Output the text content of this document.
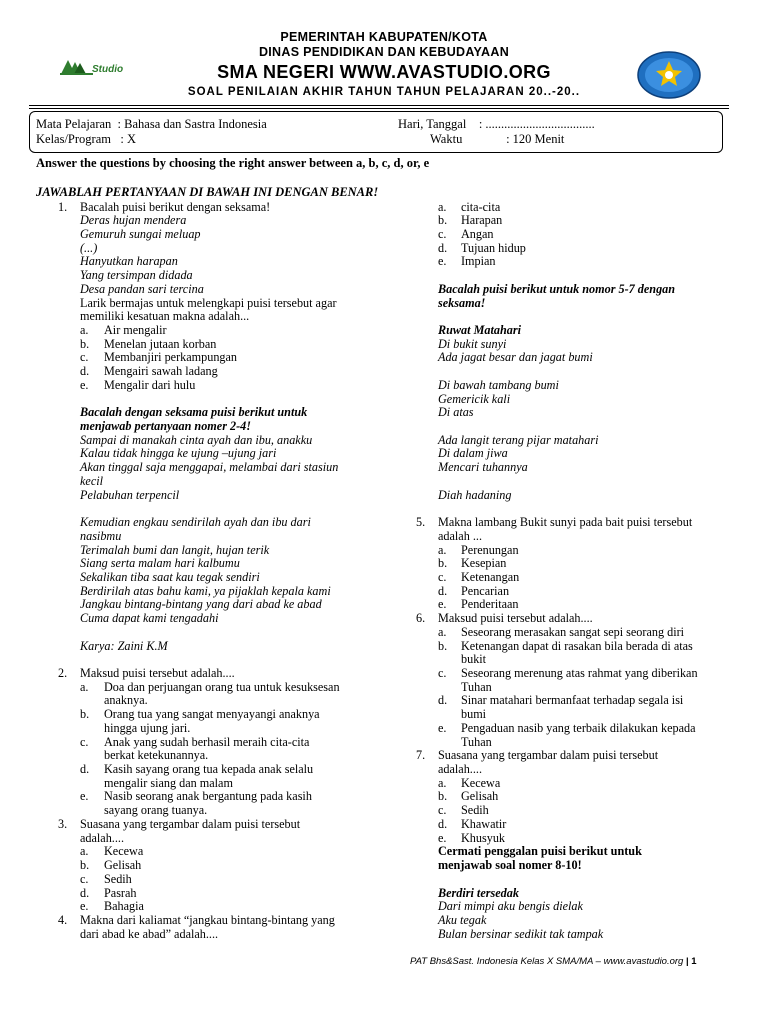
PEMERINTAH KABUPATEN/KOTA
DINAS PENDIDIKAN DAN KEBUDAYAAN
SMA NEGERI WWW.AVASTUDIO.ORG
SOAL PENILAIAN AKHIR TAHUN TAHUN PELAJARAN 20..-20..
Studio
Mata Pelajaran  : Bahasa dan Sastra Indonesia
Kelas/Program   : X
Hari, Tanggal    : ...................................
Waktu              : 120 Menit
Answer the questions by choosing the right answer between a, b, c, d, or, e
JAWABLAH PERTANYAAN DI BAWAH INI DENGAN BENAR!
1. Bacalah puisi berikut dengan seksama!
Deras hujan mendera
Gemuruh sungai meluap
(...)
Hanyutkan harapan
Yang tersimpan didada
Desa pandan sari tercina
Larik bermajas untuk melengkapi puisi tersebut agar
memiliki kesatuan makna adalah...
a. Air mengalir
b. Menelan jutaan korban
c. Membanjiri perkampungan
d. Mengairi sawah ladang
e. Mengalir dari hulu
Bacalah dengan seksama puisi berikut untuk
menjawab pertanyaan nomer 2-4!
Sampai di manakah cinta ayah dan ibu, anakku
Kalau tidak hingga ke ujung –ujung jari
Akan tinggal saja menggapai, melambai dari stasiun
kecil
Pelabuhan terpencil
Kemudian engkau sendirilah ayah dan ibu dari
nasibmu
Terimalah bumi dan langit, hujan terik
Siang serta malam hari kalbumu
Sekalikan tiba saat kau tegak sendiri
Berdirilah atas bahu kami, ya pijaklah kepala kami
Jangkau bintang-bintang yang dari abad ke abad
Cuma dapat kami tengadahi
Karya: Zaini K.M
2. Maksud puisi tersebut adalah....
a. Doa dan perjuangan orang tua untuk kesuksesan
anaknya.
b. Orang tua yang sangat menyayangi anaknya
hingga ujung jari.
c. Anak yang sudah berhasil meraih cita-cita
berkat ketekunannya.
d. Kasih sayang orang tua kepada anak selalu
mengalir siang dan malam
e. Nasib seorang anak bergantung pada kasih
sayang orang tuanya.
3. Suasana yang tergambar dalam puisi tersebut
adalah....
a. Kecewa
b. Gelisah
c. Sedih
d. Pasrah
e. Bahagia
4. Makna dari kaliamat “jangkau bintang-bintang yang
dari abad ke abad” adalah....
a. cita-cita
b. Harapan
c. Angan
d. Tujuan hidup
e. Impian
Bacalah puisi berikut untuk nomor 5-7 dengan
seksama!
Ruwat Matahari
Di bukit sunyi
Ada jagat besar dan jagat bumi
Di bawah tambang bumi
Gemericik kali
Di atas
Ada langit terang pijar matahari
Di dalam jiwa
Mencari tuhannya
Diah hadaning
5. Makna lambang Bukit sunyi pada bait puisi tersebut
adalah ...
a. Perenungan
b. Kesepian
c. Ketenangan
d. Pencarian
e. Penderitaan
6. Maksud puisi tersebut adalah....
a. Seseorang merasakan sangat sepi seorang diri
b. Ketenangan dapat di rasakan bila berada di atas
bukit
c. Seseorang merenung atas rahmat yang diberikan
Tuhan
d. Sinar matahari bermanfaat terhadap segala isi
bumi
e. Pengaduan nasib yang terbaik dilakukan kepada
Tuhan
7. Suasana yang tergambar dalam puisi tersebut
adalah....
a. Kecewa
b. Gelisah
c. Sedih
d. Khawatir
e. Khusyuk
Cermati penggalan puisi berikut untuk
menjawab soal nomer 8-10!
Berdiri tersedak
Dari mimpi aku bengis dielak
Aku tegak
Bulan bersinar sedikit tak tampak
PAT Bhs&Sast. Indonesia Kelas X SMA/MA – www.avastudio.org | 1
